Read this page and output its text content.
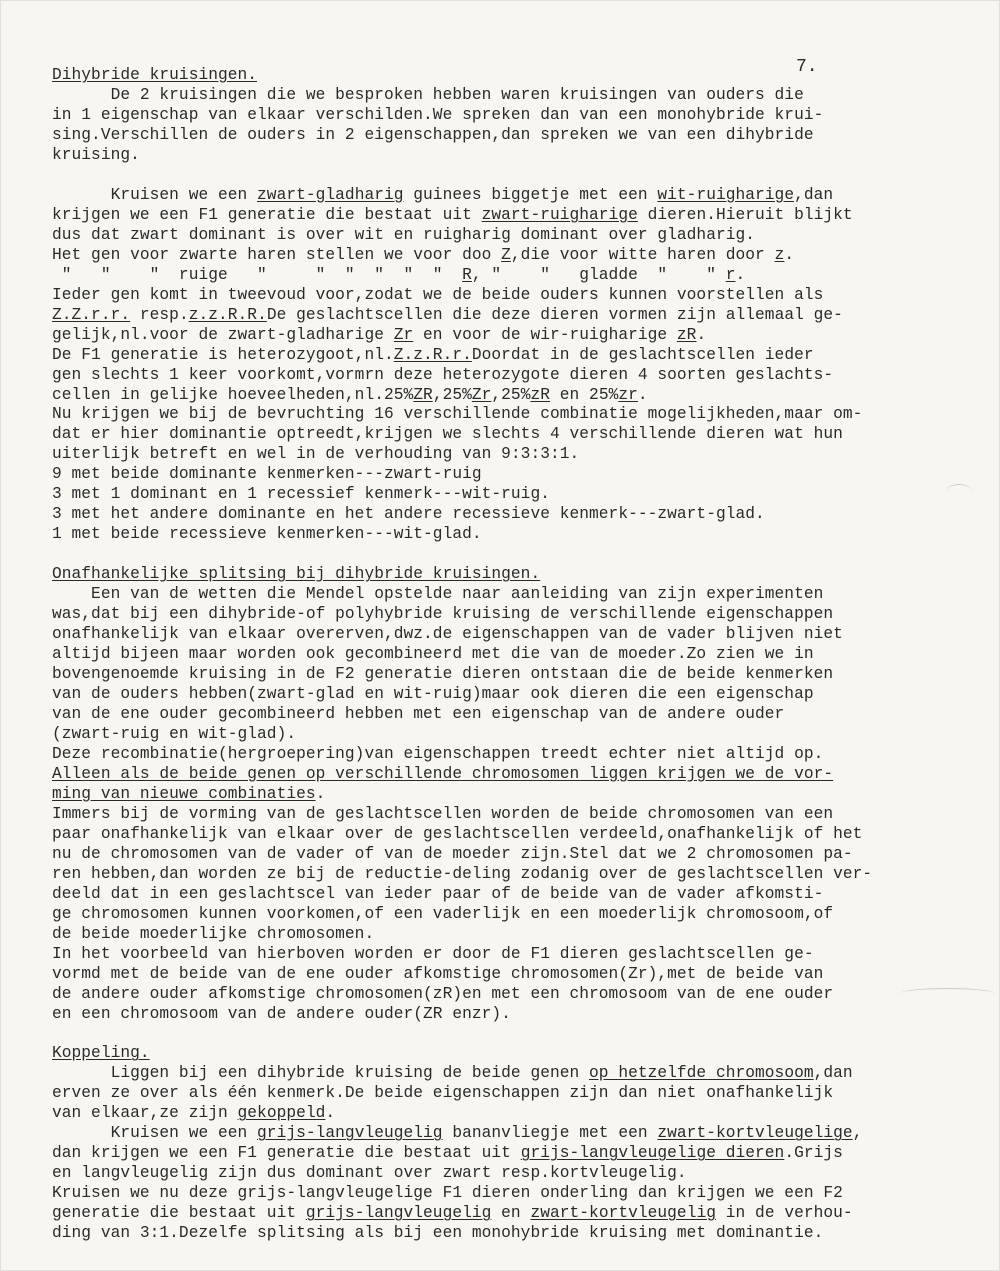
7.
Dihybride kruisingen.
De 2 kruisingen die we besproken hebben waren kruisingen van ouders die
in 1 eigenschap van elkaar verschilden.We spreken dan van een monohybride krui-
sing.Verschillen de ouders in 2 eigenschappen,dan spreken we van een dihybride
kruising.
Kruisen we een zwart-gladharig guinees biggetje met een wit-ruigharige,dan
krijgen we een F1 generatie die bestaat uit zwart-ruigharige dieren.Hieruit blijkt
dus dat zwart dominant is over wit en ruigharig dominant over gladharig.
Het gen voor zwarte haren stellen we voor doo Z,die voor witte haren door z.
"   "    "  ruige   "     "  "  "  "  "  R, "    "   gladde  "    " r.
Ieder gen komt in tweevoud voor,zodat we de beide ouders kunnen voorstellen als
Z.Z.r.r. resp.z.z.R.R.De geslachtscellen die deze dieren vormen zijn allemaal ge-
gelijk,nl.voor de zwart-gladharige Zr en voor de wir-ruigharige zR.
De F1 generatie is heterozygoot,nl.Z.z.R.r.Doordat in de geslachtscellen ieder
gen slechts 1 keer voorkomt,vormrn deze heterozygote dieren 4 soorten geslachts-
cellen in gelijke hoeveelheden,nl.25%ZR,25%Zr,25%zR en 25%zr.
Nu krijgen we bij de bevruchting 16 verschillende combinatie mogelijkheden,maar om-
dat er hier dominantie optreedt,krijgen we slechts 4 verschillende dieren wat hun
uiterlijk betreft en wel in de verhouding van 9:3:3:1.
9 met beide dominante kenmerken---zwart-ruig
3 met 1 dominant en 1 recessief kenmerk---wit-ruig.
3 met het andere dominante en het andere recessieve kenmerk---zwart-glad.
1 met beide recessieve kenmerken---wit-glad.
Onafhankelijke splitsing bij dihybride kruisingen.
Een van de wetten die Mendel opstelde naar aanleiding van zijn experimenten
was,dat bij een dihybride-of polyhybride kruising de verschillende eigenschappen
onafhankelijk van elkaar overerven,dwz.de eigenschappen van de vader blijven niet
altijd bijeen maar worden ook gecombineerd met die van de moeder.Zo zien we in
bovengenoemde kruising in de F2 generatie dieren ontstaan die de beide kenmerken
van de ouders hebben(zwart-glad en wit-ruig)maar ook dieren die een eigenschap
van de ene ouder gecombineerd hebben met een eigenschap van de andere ouder
(zwart-ruig en wit-glad).
Deze recombinatie(hergroepering)van eigenschappen treedt echter niet altijd op.
Alleen als de beide genen op verschillende chromosomen liggen krijgen we de vor-
ming van nieuwe combinaties.
Immers bij de vorming van de geslachtscellen worden de beide chromosomen van een
paar onafhankelijk van elkaar over de geslachtscellen verdeeld,onafhankelijk of het
nu de chromosomen van de vader of van de moeder zijn.Stel dat we 2 chromosomen pa-
ren hebben,dan worden ze bij de reductie-deling zodanig over de geslachtscellen ver-
deeld dat in een geslachtscel van ieder paar of de beide van de vader afkomsti-
ge chromosomen kunnen voorkomen,of een vaderlijk en een moederlijk chromosoom,of
de beide moederlijke chromosomen.
In het voorbeeld van hierboven worden er door de F1 dieren geslachtscellen ge-
vormd met de beide van de ene ouder afkomstige chromosomen(Zr),met de beide van
de andere ouder afkomstige chromosomen(zR)en met een chromosoom van de ene ouder
en een chromosoom van de andere ouder(ZR enzr).
Koppeling.
Liggen bij een dihybride kruising de beide genen op hetzelfde chromosoom,dan
erven ze over als één kenmerk.De beide eigenschappen zijn dan niet onafhankelijk
van elkaar,ze zijn gekoppeld.
Kruisen we een grijs-langvleugelig bananvliegje met een zwart-kortvleugelige,
dan krijgen we een F1 generatie die bestaat uit grijs-langvleugelige dieren.Grijs
en langvleugelig zijn dus dominant over zwart resp.kortvleugelig.
Kruisen we nu deze grijs-langvleugelige F1 dieren onderling dan krijgen we een F2
generatie die bestaat uit grijs-langvleugelig en zwart-kortvleugelig in de verhou-
ding van 3:1.Dezelfe splitsing als bij een monohybride kruising met dominantie.
